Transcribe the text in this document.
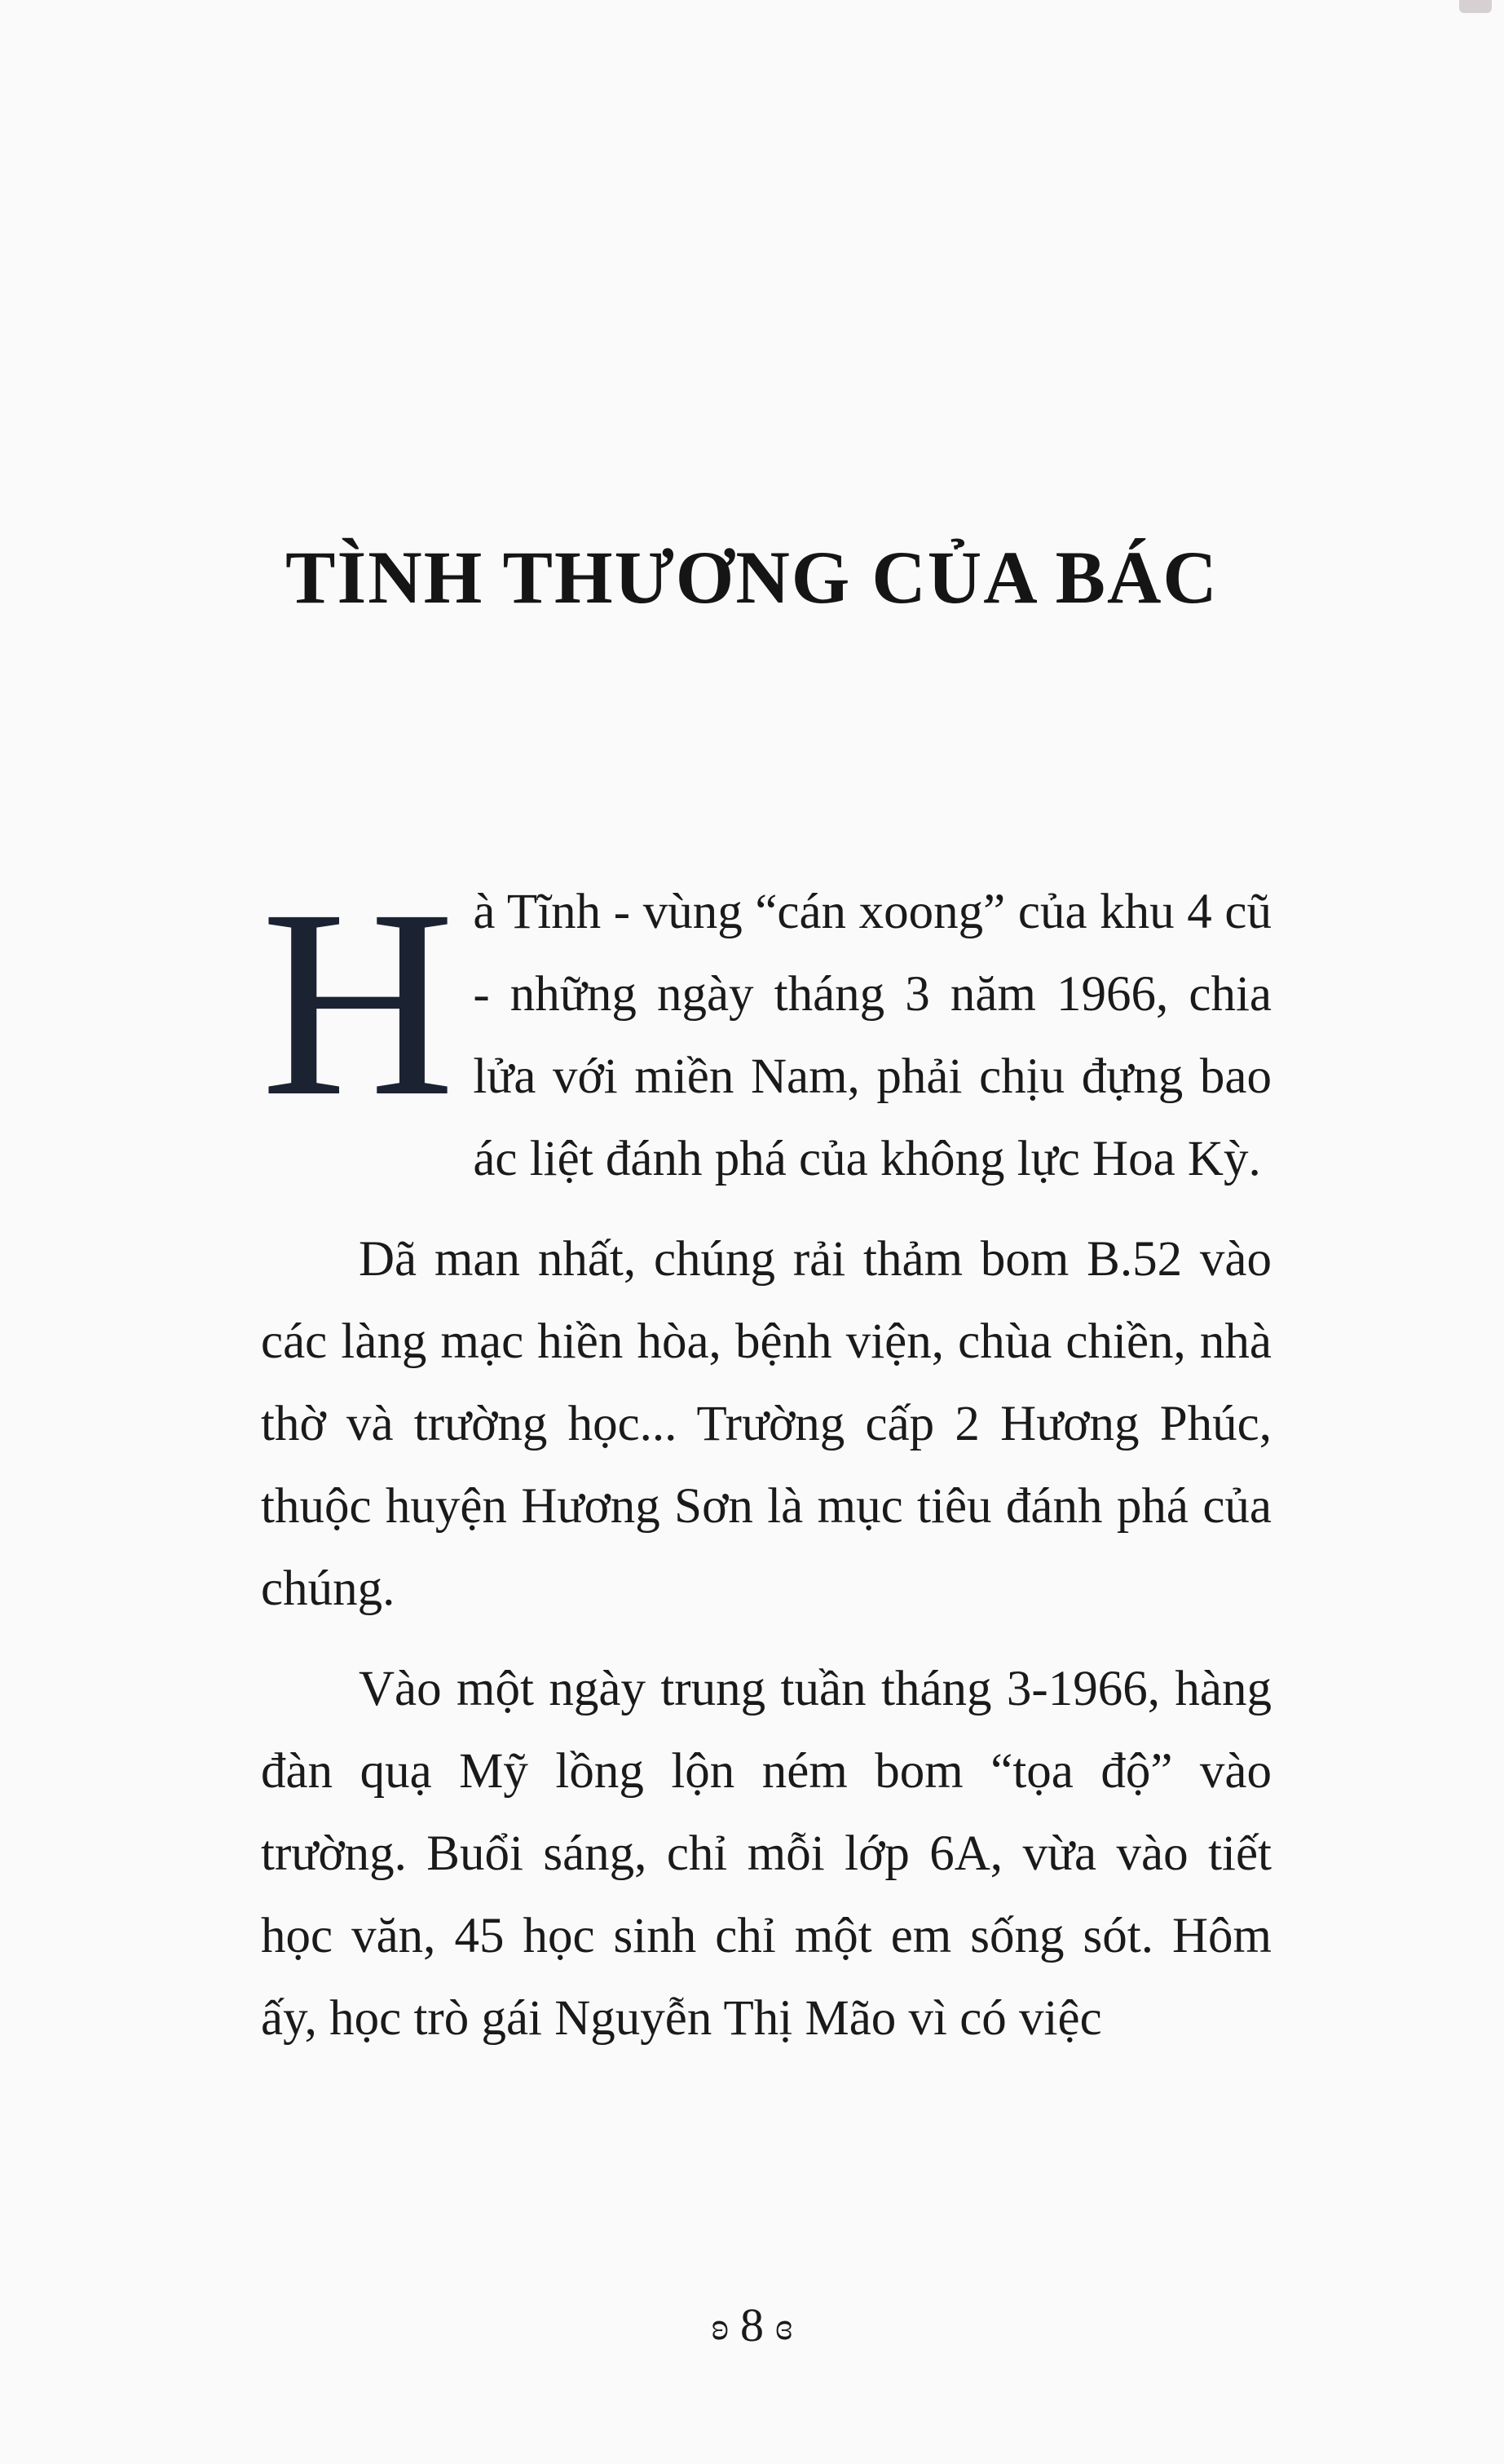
TÌNH THƯƠNG CỦA BÁC

Hà Tĩnh - vùng “cán xoong” của khu 4 cũ - những ngày tháng 3 năm 1966, chia lửa với miền Nam, phải chịu đựng bao ác liệt đánh phá của không lực Hoa Kỳ.

Dã man nhất, chúng rải thảm bom B.52 vào các làng mạc hiền hòa, bệnh viện, chùa chiền, nhà thờ và trường học... Trường cấp 2 Hương Phúc, thuộc huyện Hương Sơn là mục tiêu đánh phá của chúng.

Vào một ngày trung tuần tháng 3-1966, hàng đàn quạ Mỹ lồng lộn ném bom “tọa độ” vào trường. Buổi sáng, chỉ mỗi lớp 6A, vừa vào tiết học văn, 45 học sinh chỉ một em sống sót. Hôm ấy, học trò gái Nguyễn Thị Mão vì có việc

ʚ 8 ɞ
